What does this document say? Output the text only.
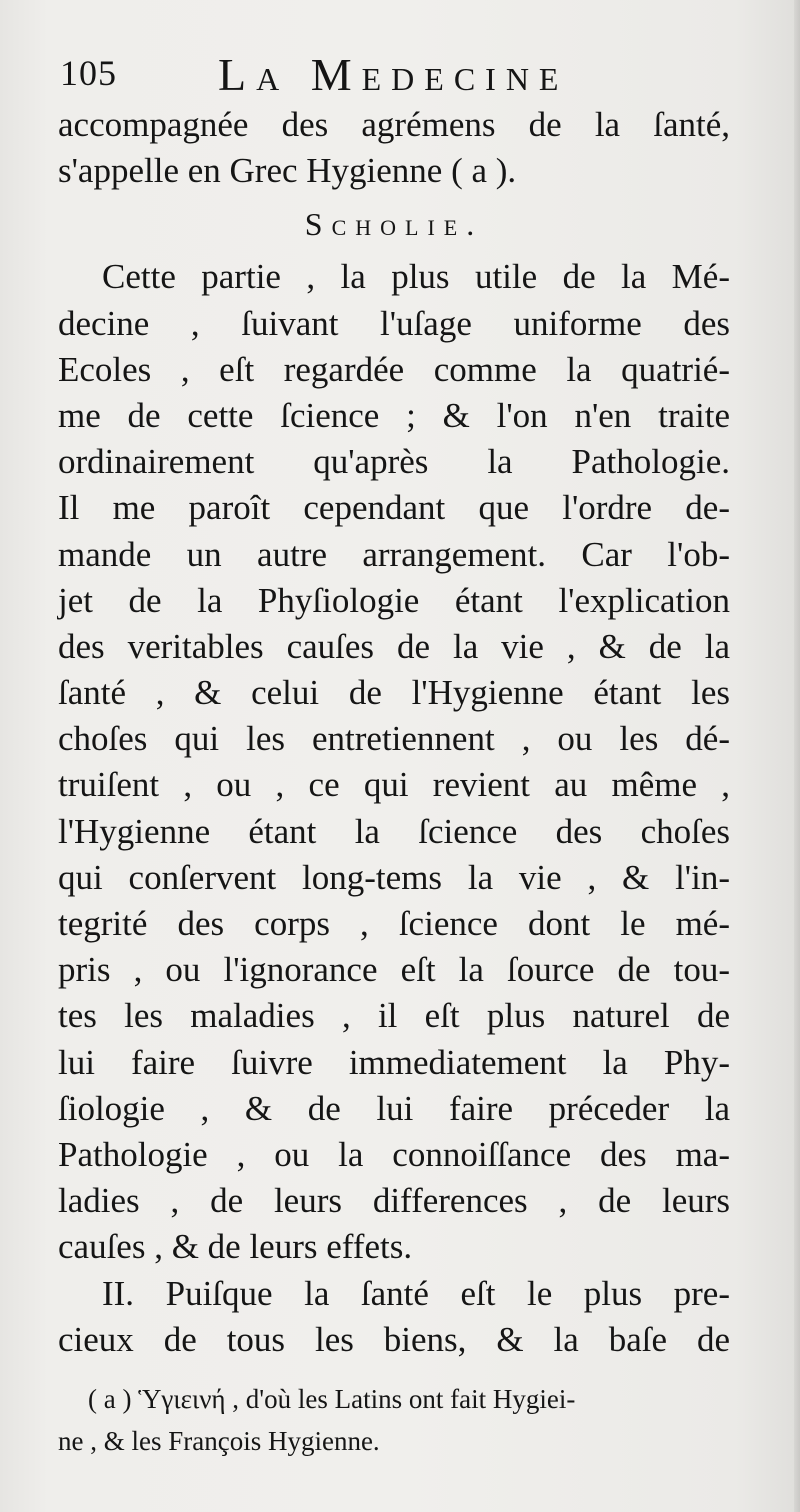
105 La Medecine
accompagnée des agrémens de la ſanté,
s'appelle en Grec Hygienne ( a ).
Scholie.
Cette partie , la plus utile de la Mé-
decine , ſuivant l'uſage uniforme des
Ecoles , eſt regardée comme la quatrié-
me de cette ſcience ; & l'on n'en traite
ordinairement qu'après la Pathologie.
Il me paroît cependant que l'ordre de-
mande un autre arrangement. Car l'ob-
jet de la Phyſiologie étant l'explication
des veritables cauſes de la vie , & de la
ſanté , & celui de l'Hygienne étant les
choſes qui les entretiennent , ou les dé-
truiſent , ou , ce qui revient au même ,
l'Hygienne étant la ſcience des choſes
qui conſervent long-tems la vie , & l'in-
tegrité des corps , ſcience dont le mé-
pris , ou l'ignorance eſt la ſource de tou-
tes les maladies , il eſt plus naturel de
lui faire ſuivre immediatement la Phy-
ſiologie , & de lui faire préceder la
Pathologie , ou la connoiſſance des ma-
ladies , de leurs differences , de leurs
cauſes , & de leurs effets.
II. Puiſque la ſanté eſt le plus pre-
cieux de tous les biens, & la baſe de
( a ) Ὑγιεινή , d'où les Latins ont fait Hygiei-
ne , & les François Hygienne.
